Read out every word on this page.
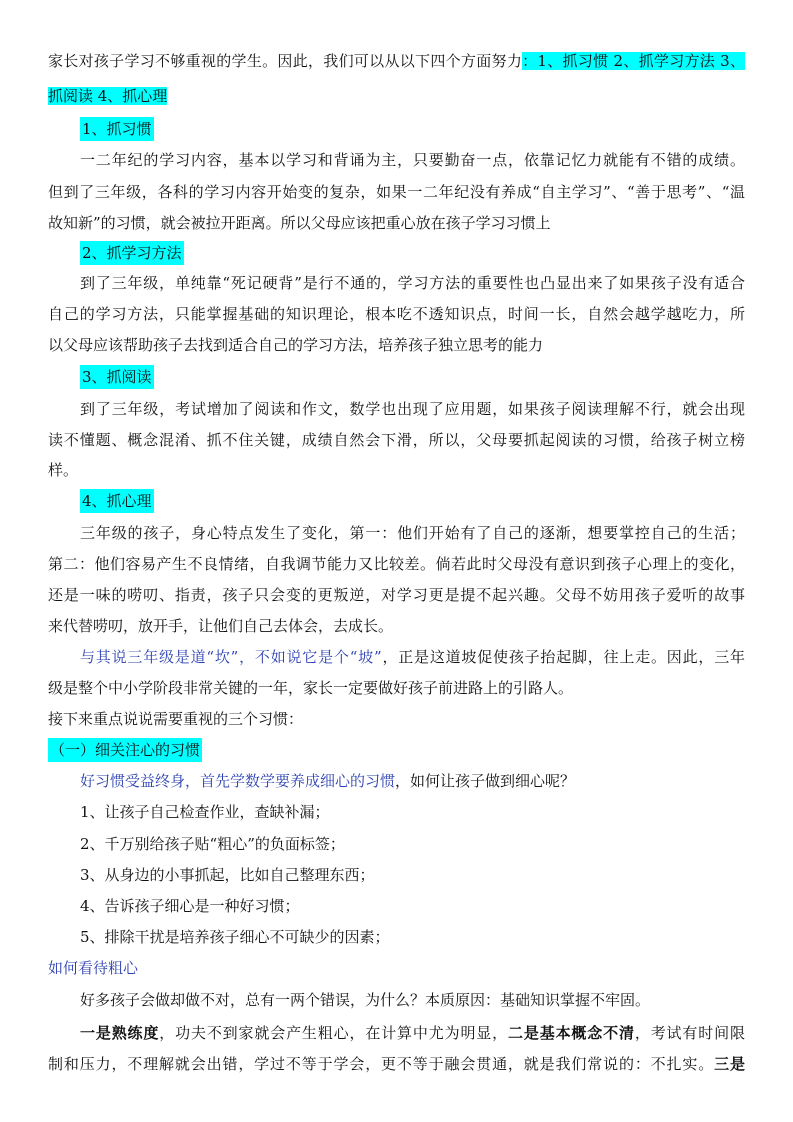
家长对孩子学习不够重视的学生。因此，我们可以从以下四个方面努力：1、抓习惯 2、抓学习方法 3、
抓阅读 4、抓心理
1、抓习惯
一二年纪的学习内容，基本以学习和背诵为主，只要勤奋一点，依靠记忆力就能有不错的成绩。
但到了三年级，各科的学习内容开始变的复杂，如果一二年纪没有养成“自主学习”、“善于思考”、“温
故知新”的习惯，就会被拉开距离。所以父母应该把重心放在孩子学习习惯上
2、抓学习方法
到了三年级，单纯靠“死记硬背”是行不通的，学习方法的重要性也凸显出来了如果孩子没有适合
自己的学习方法，只能掌握基础的知识理论，根本吃不透知识点，时间一长，自然会越学越吃力，所
以父母应该帮助孩子去找到适合自己的学习方法，培养孩子独立思考的能力
3、抓阅读
到了三年级，考试增加了阅读和作文，数学也出现了应用题，如果孩子阅读理解不行，就会出现
读不懂题、概念混淆、抓不住关键，成绩自然会下滑，所以，父母要抓起阅读的习惯，给孩子树立榜
样。
4、抓心理
三年级的孩子，身心特点发生了变化，第一：他们开始有了自己的逐渐，想要掌控自己的生活；
第二：他们容易产生不良情绪，自我调节能力又比较差。倘若此时父母没有意识到孩子心理上的变化，
还是一味的唠叨、指责，孩子只会变的更叛逆，对学习更是提不起兴趣。父母不妨用孩子爱听的故事
来代替唠叨，放开手，让他们自己去体会，去成长。
与其说三年级是道“坎”，不如说它是个“坡”，正是这道坡促使孩子抬起脚，往上走。因此，三年
级是整个中小学阶段非常关键的一年，家长一定要做好孩子前进路上的引路人。
接下来重点说说需要重视的三个习惯：
（一）细关注心的习惯
好习惯受益终身，首先学数学要养成细心的习惯，如何让孩子做到细心呢？
1、让孩子自己检查作业，查缺补漏；
2、千万别给孩子贴“粗心”的负面标签；
3、从身边的小事抓起，比如自己整理东西；
4、告诉孩子细心是一种好习惯；
5、排除干扰是培养孩子细心不可缺少的因素；
如何看待粗心
好多孩子会做却做不对，总有一两个错误，为什么？本质原因：基础知识掌握不牢固。
一是熟练度，功夫不到家就会产生粗心，在计算中尤为明显，二是基本概念不清，考试有时间限
制和压力，不理解就会出错，学过不等于学会，更不等于融会贯通，就是我们常说的：不扎实。三是
